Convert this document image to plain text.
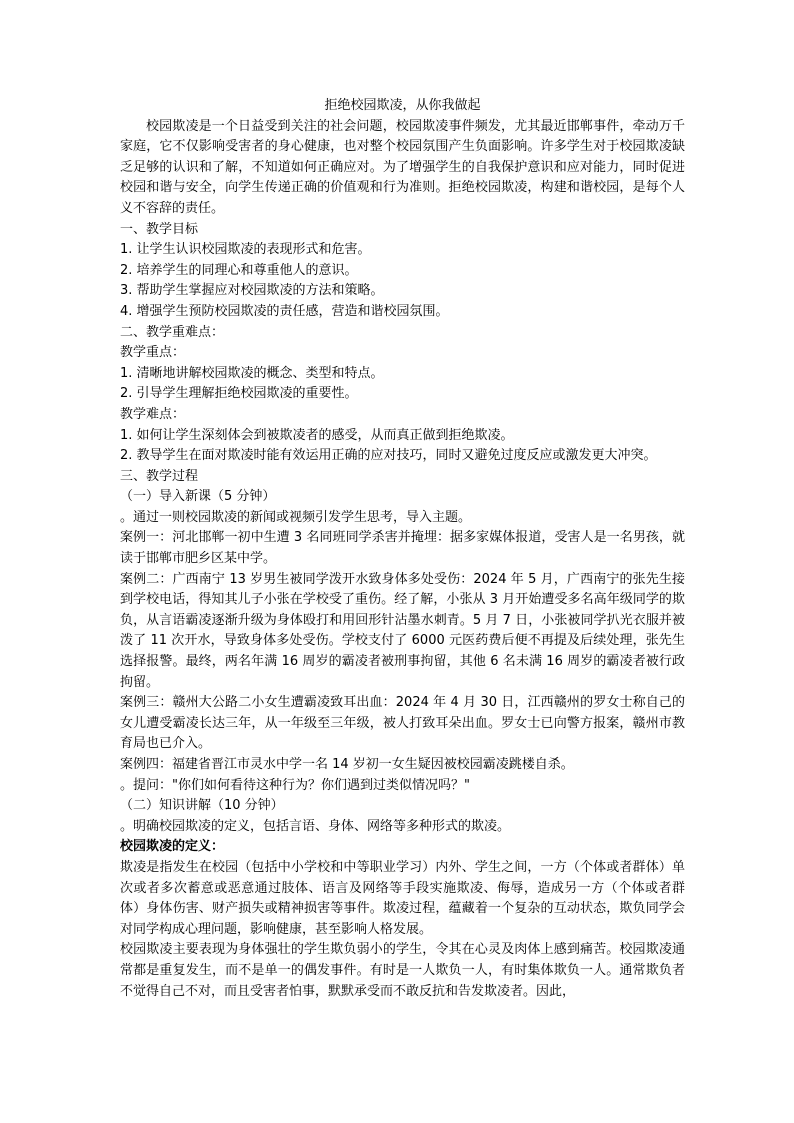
拒绝校园欺凌，从你我做起

校园欺凌是一个日益受到关注的社会问题，校园欺凌事件频发，尤其最近邯郸事件，牵动万千家庭，它不仅影响受害者的身心健康，也对整个校园氛围产生负面影响。许多学生对于校园欺凌缺乏足够的认识和了解，不知道如何正确应对。为了增强学生的自我保护意识和应对能力，同时促进校园和谐与安全，向学生传递正确的价值观和行为准则。拒绝校园欺凌，构建和谐校园，是每个人义不容辞的责任。

一、教学目标

1. 让学生认识校园欺凌的表现形式和危害。

2. 培养学生的同理心和尊重他人的意识。

3. 帮助学生掌握应对校园欺凌的方法和策略。

4. 增强学生预防校园欺凌的责任感，营造和谐校园氛围。

二、教学重难点：

教学重点：

1. 清晰地讲解校园欺凌的概念、类型和特点。

2. 引导学生理解拒绝校园欺凌的重要性。

教学难点：

1. 如何让学生深刻体会到被欺凌者的感受，从而真正做到拒绝欺凌。

2. 教导学生在面对欺凌时能有效运用正确的应对技巧，同时又避免过度反应或激发更大冲突。

三、教学过程

（一）导入新课（5 分钟）

。通过一则校园欺凌的新闻或视频引发学生思考，导入主题。

案例一：河北邯郸一初中生遭 3 名同班同学杀害并掩埋：据多家媒体报道，受害人是一名男孩，就读于邯郸市肥乡区某中学。

案例二：广西南宁 13 岁男生被同学泼开水致身体多处受伤：2024 年 5 月，广西南宁的张先生接到学校电话，得知其儿子小张在学校受了重伤。经了解，小张从 3 月开始遭受多名高年级同学的欺负，从言语霸凌逐渐升级为身体殴打和用回形针沾墨水刺青。5 月 7 日，小张被同学扒光衣服并被泼了 11 次开水，导致身体多处受伤。学校支付了 6000 元医药费后便不再提及后续处理，张先生选择报警。最终，两名年满 16 周岁的霸凌者被刑事拘留，其他 6 名未满 16 周岁的霸凌者被行政拘留。

案例三：赣州大公路二小女生遭霸凌致耳出血：2024 年 4 月 30 日，江西赣州的罗女士称自己的女儿遭受霸凌长达三年，从一年级至三年级，被人打致耳朵出血。罗女士已向警方报案，赣州市教育局也已介入。

案例四：福建省晋江市灵水中学一名 14 岁初一女生疑因被校园霸凌跳楼自杀。

。提问："你们如何看待这种行为？你们遇到过类似情况吗？"

（二）知识讲解（10 分钟）

。明确校园欺凌的定义，包括言语、身体、网络等多种形式的欺凌。

校园欺凌的定义：

欺凌是指发生在校园（包括中小学校和中等职业学习）内外、学生之间，一方（个体或者群体）单次或者多次蓄意或恶意通过肢体、语言及网络等手段实施欺凌、侮辱，造成另一方（个体或者群体）身体伤害、财产损失或精神损害等事件。欺凌过程，蕴藏着一个复杂的互动状态，欺负同学会对同学构成心理问题，影响健康，甚至影响人格发展。

校园欺凌主要表现为身体强壮的学生欺负弱小的学生，令其在心灵及肉体上感到痛苦。校园欺凌通常都是重复发生，而不是单一的偶发事件。有时是一人欺负一人，有时集体欺负一人。通常欺负者不觉得自己不对，而且受害者怕事，默默承受而不敢反抗和告发欺凌者。因此，
